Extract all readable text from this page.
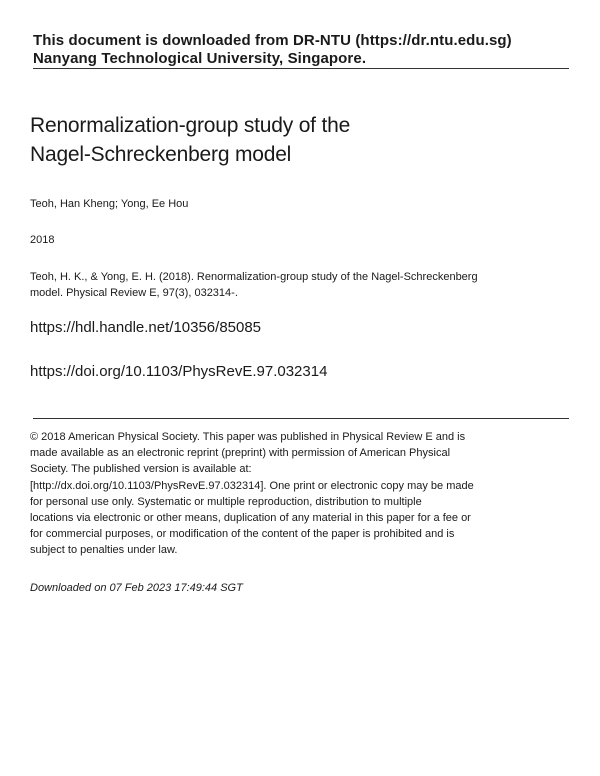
This document is downloaded from DR-NTU (https://dr.ntu.edu.sg)
Nanyang Technological University, Singapore.
Renormalization-group study of the
Nagel-Schreckenberg model
Teoh, Han Kheng; Yong, Ee Hou
2018
Teoh, H. K., & Yong, E. H. (2018). Renormalization-group study of the Nagel-Schreckenberg
model. Physical Review E, 97(3), 032314-.
https://hdl.handle.net/10356/85085
https://doi.org/10.1103/PhysRevE.97.032314
© 2018 American Physical Society. This paper was published in Physical Review E and is
made available as an electronic reprint (preprint) with permission of American Physical
Society. The published version is available at:
[http://dx.doi.org/10.1103/PhysRevE.97.032314]. One print or electronic copy may be made
for personal use only. Systematic or multiple reproduction, distribution to multiple
locations via electronic or other means, duplication of any material in this paper for a fee or
for commercial purposes, or modification of the content of the paper is prohibited and is
subject to penalties under law.
Downloaded on 07 Feb 2023 17:49:44 SGT
